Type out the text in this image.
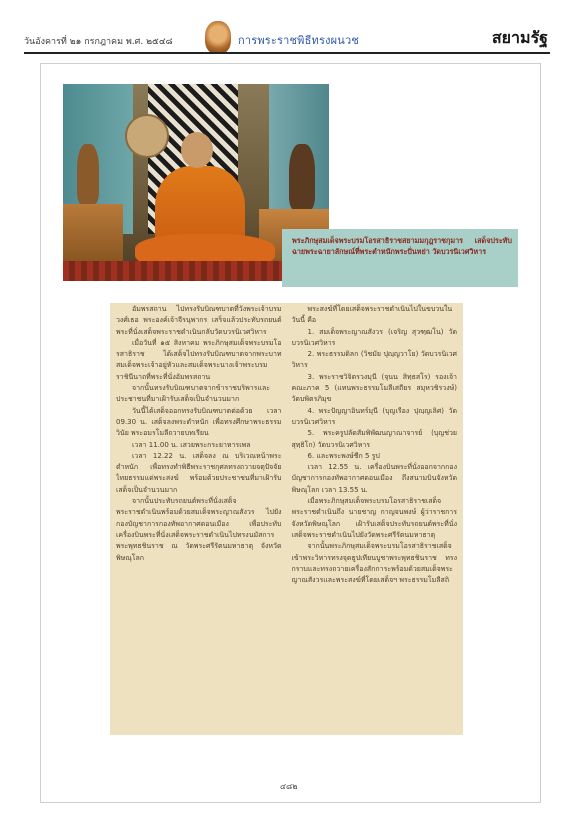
วันอังคารที่ ๒๑ กรกฎาคม พ.ศ. ๒๕๔๘	การพระราชพิธีทรงผนวช	สยามรัฐ
พระภิกษุสมเด็จพระบรมโอรสาธิราชสยามมกุฎราชกุมาร เสด็จประทับฉายพระฉายาลักษณ์ที่พระตำหนักพระปั่นหย่า วัดบวรนิเวศวิหาร

อัมพรสถาน ไปทรงรับบิณฑบาตที่วังพระเจ้าบรมวงศ์เธอ พระองค์เจ้าจีรนุพากร เสร็จแล้วประทับรถยนต์พระที่นั่งเสด็จพระราชดำเนินกลับวัดบวรนิเวศวิหาร

เมื่อวันที่ ๑๕ สิงหาคม พระภิกษุสมเด็จพระบรมโอรสาธิราช ได้เสด็จไปทรงรับบิณฑบาตจากพระบาทสมเด็จพระเจ้าอยู่หัวและสมเด็จพระนางเจ้าพระบรมราชินีนาถที่พระที่นั่งอัมพรสถาน

จากนั้นทรงรับบิณฑบาตจากข้าราชบริพารและประชาชนที่มาเฝ้ารับเสด็จเป็นจำนวนมาก

วันนี้ได้เสด็จออกทรงรับบิณฑบาตต่อด้วย เวลา 09.30 น. เสด็จลงพระตำหนัก เพื่อทรงศึกษาพระธรรมวินัย พระอมรโมลีถวายบทเรียน

เวลา 11.00 น. เสวยพระกระยาหารเพล

เวลา 12.22 น. เสด็จลง ณ บริเวณหน้าพระตำหนัก เพื่อทรงทำพิธีพระราชกุศลทรงถวายจตุปัจจัยไทยธรรมแด่พระสงฆ์ พร้อมด้วยประชาชนที่มาเฝ้ารับเสด็จเป็นจำนวนมาก

จากนั้นประทับรถยนต์พระที่นั่งเสด็จพระราชดำเนินพร้อมด้วยสมเด็จพระญาณสังวร ไปยังกองบัญชาการกองทัพอากาศดอนเมือง เพื่อประทับเครื่องบินพระที่นั่งเสด็จพระราชดำเนินไปทรงนมัสการพระพุทธชินราช ณ วัดพระศรีรัตนมหาธาตุ จังหวัดพิษณุโลก

พระสงฆ์ที่โดยเสด็จพระราชดำเนินไปในขบวนในวันนี้ คือ

1. สมเด็จพระญาณสังวร (เจริญ สุวฑฺฒโน) วัดบวรนิเวศวิหาร

2. พระธรรมดิลก (วิชมัย ปุญฺญวาโย) วัดบวรนิเวศวิหาร

3. พระราชวิจิตรวงมุนี (จุนน สิทฺธสโร) รองเจ้าคณะภาค 5 (แทนพระธรรมโมลีเสถียร สมุหวชิรวงษ์) วัดบพิตรภิมุข

4. พระปัญญาอินทร์มุนี (บุญเรือง ปุญฺญเลิศ) วัดบวรนิเวศวิหาร

5. พระครูปลัดสัมพิพัฒนญาณาจารย์ (บุญช่วย สุทฺธิโก) วัดบวรนิเวศวิหาร

6. และพระพงษ์ชีก 5 รูป

เวลา 12.55 น. เครื่องบินพระที่นั่งออกจากกองบัญชาการกองทัพอากาศดอนเมือง ถึงสนามบินจังหวัดพิษณุโลก เวลา 13.55 น.

เมื่อพระภิกษุสมเด็จพระบรมโอรสาธิราชเสด็จพระราชดำเนินถึง นายชาญ กาญจนพงษ์ ผู้ว่าราชการจังหวัดพิษณุโลก เฝ้ารับเสด็จประทับรถยนต์พระที่นั่งเสด็จพระราชดำเนินไปยังวัดพระศรีรัตนมหาธาตุ

จากนั้นพระภิกษุสมเด็จพระบรมโอรสาธิราชเสด็จเข้าพระวิหารทรงจุดธูปเทียนบูชาพระพุทธชินราช ทรงกราบและทรงถวายเครื่องสักการะพร้อมด้วยสมเด็จพระญาณสังวรและพระสงฆ์ที่โดยเสด็จฯ พระธรรมโมลีสถิ

๔๘๒
